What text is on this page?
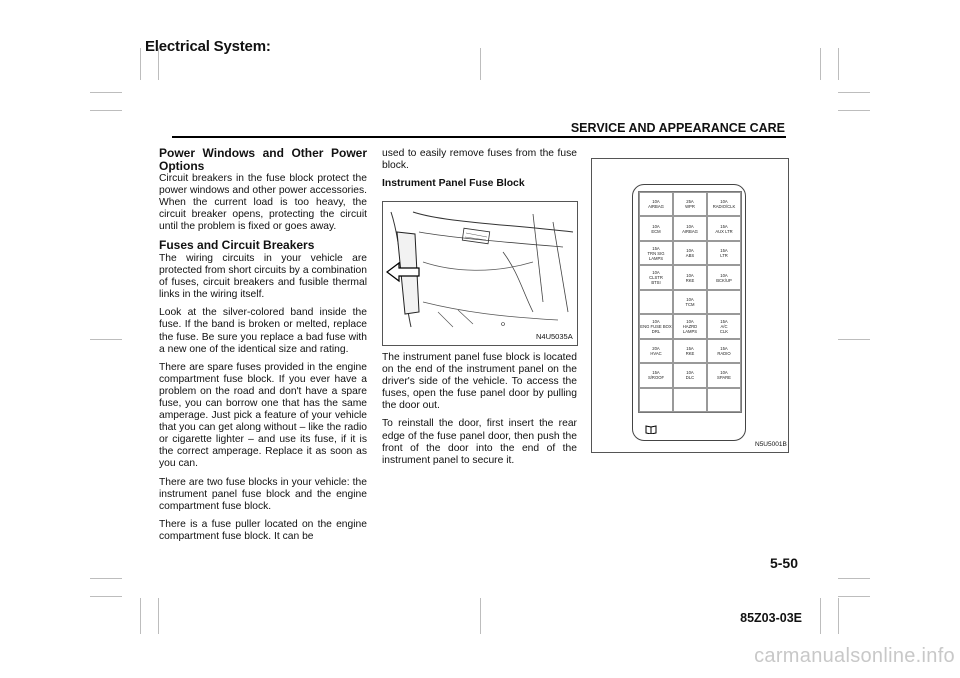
Electrical System:
SERVICE AND APPEARANCE CARE
Power Windows and Other Power Options

Circuit breakers in the fuse block protect the power windows and other power accessories. When the current load is too heavy, the circuit breaker opens, protecting the circuit until the problem is fixed or goes away.

Fuses and Circuit Breakers

The wiring circuits in your vehicle are protected from short circuits by a combination of fuses, circuit breakers and fusible thermal links in the wiring itself.

Look at the silver-colored band inside the fuse. If the band is broken or melted, replace the fuse. Be sure you replace a bad fuse with a new one of the identical size and rating.

There are spare fuses provided in the engine compartment fuse block. If you ever have a problem on the road and don't have a spare fuse, you can borrow one that has the same amperage. Just pick a feature of your vehicle that you can get along without – like the radio or cigarette lighter – and use its fuse, if it is the correct amperage. Replace it as soon as you can.

There are two fuse blocks in your vehicle: the instrument panel fuse block and the engine compartment fuse block.

There is a fuse puller located on the engine compartment fuse block. It can be

used to easily remove fuses from the fuse block.

Instrument Panel Fuse Block
N4U5035A

The instrument panel fuse block is located on the end of the instrument panel on the driver's side of the vehicle. To access the fuses, open the fuse panel door by pulling the door out.

To reinstall the door, first insert the rear edge of the fuse panel door, then push the front of the door into the end of the instrument panel to secure it.

10A
AIRBAG
25A
WPR
10A
RADIO/CLK
10A
ECM
10A
AIRBAG
15A
AUX LTR
15A
TRN SIG LAMPS
10A
ABS
15A
LTR
10A
CLSTR
BTSI
10A
RKE
10A
BCK/UP
10A
TCM
10A
ENG FUSE BOX
DRL
10A
HAZRD
LAMPS
15A
A/C
CLK
20A
HVAC
15A
RKE
15A
RADIO
15A
S/ROOF
10A
DLC
10A
SPARE
N5U5001B
5-50
85Z03-03E
carmanualsonline.info
